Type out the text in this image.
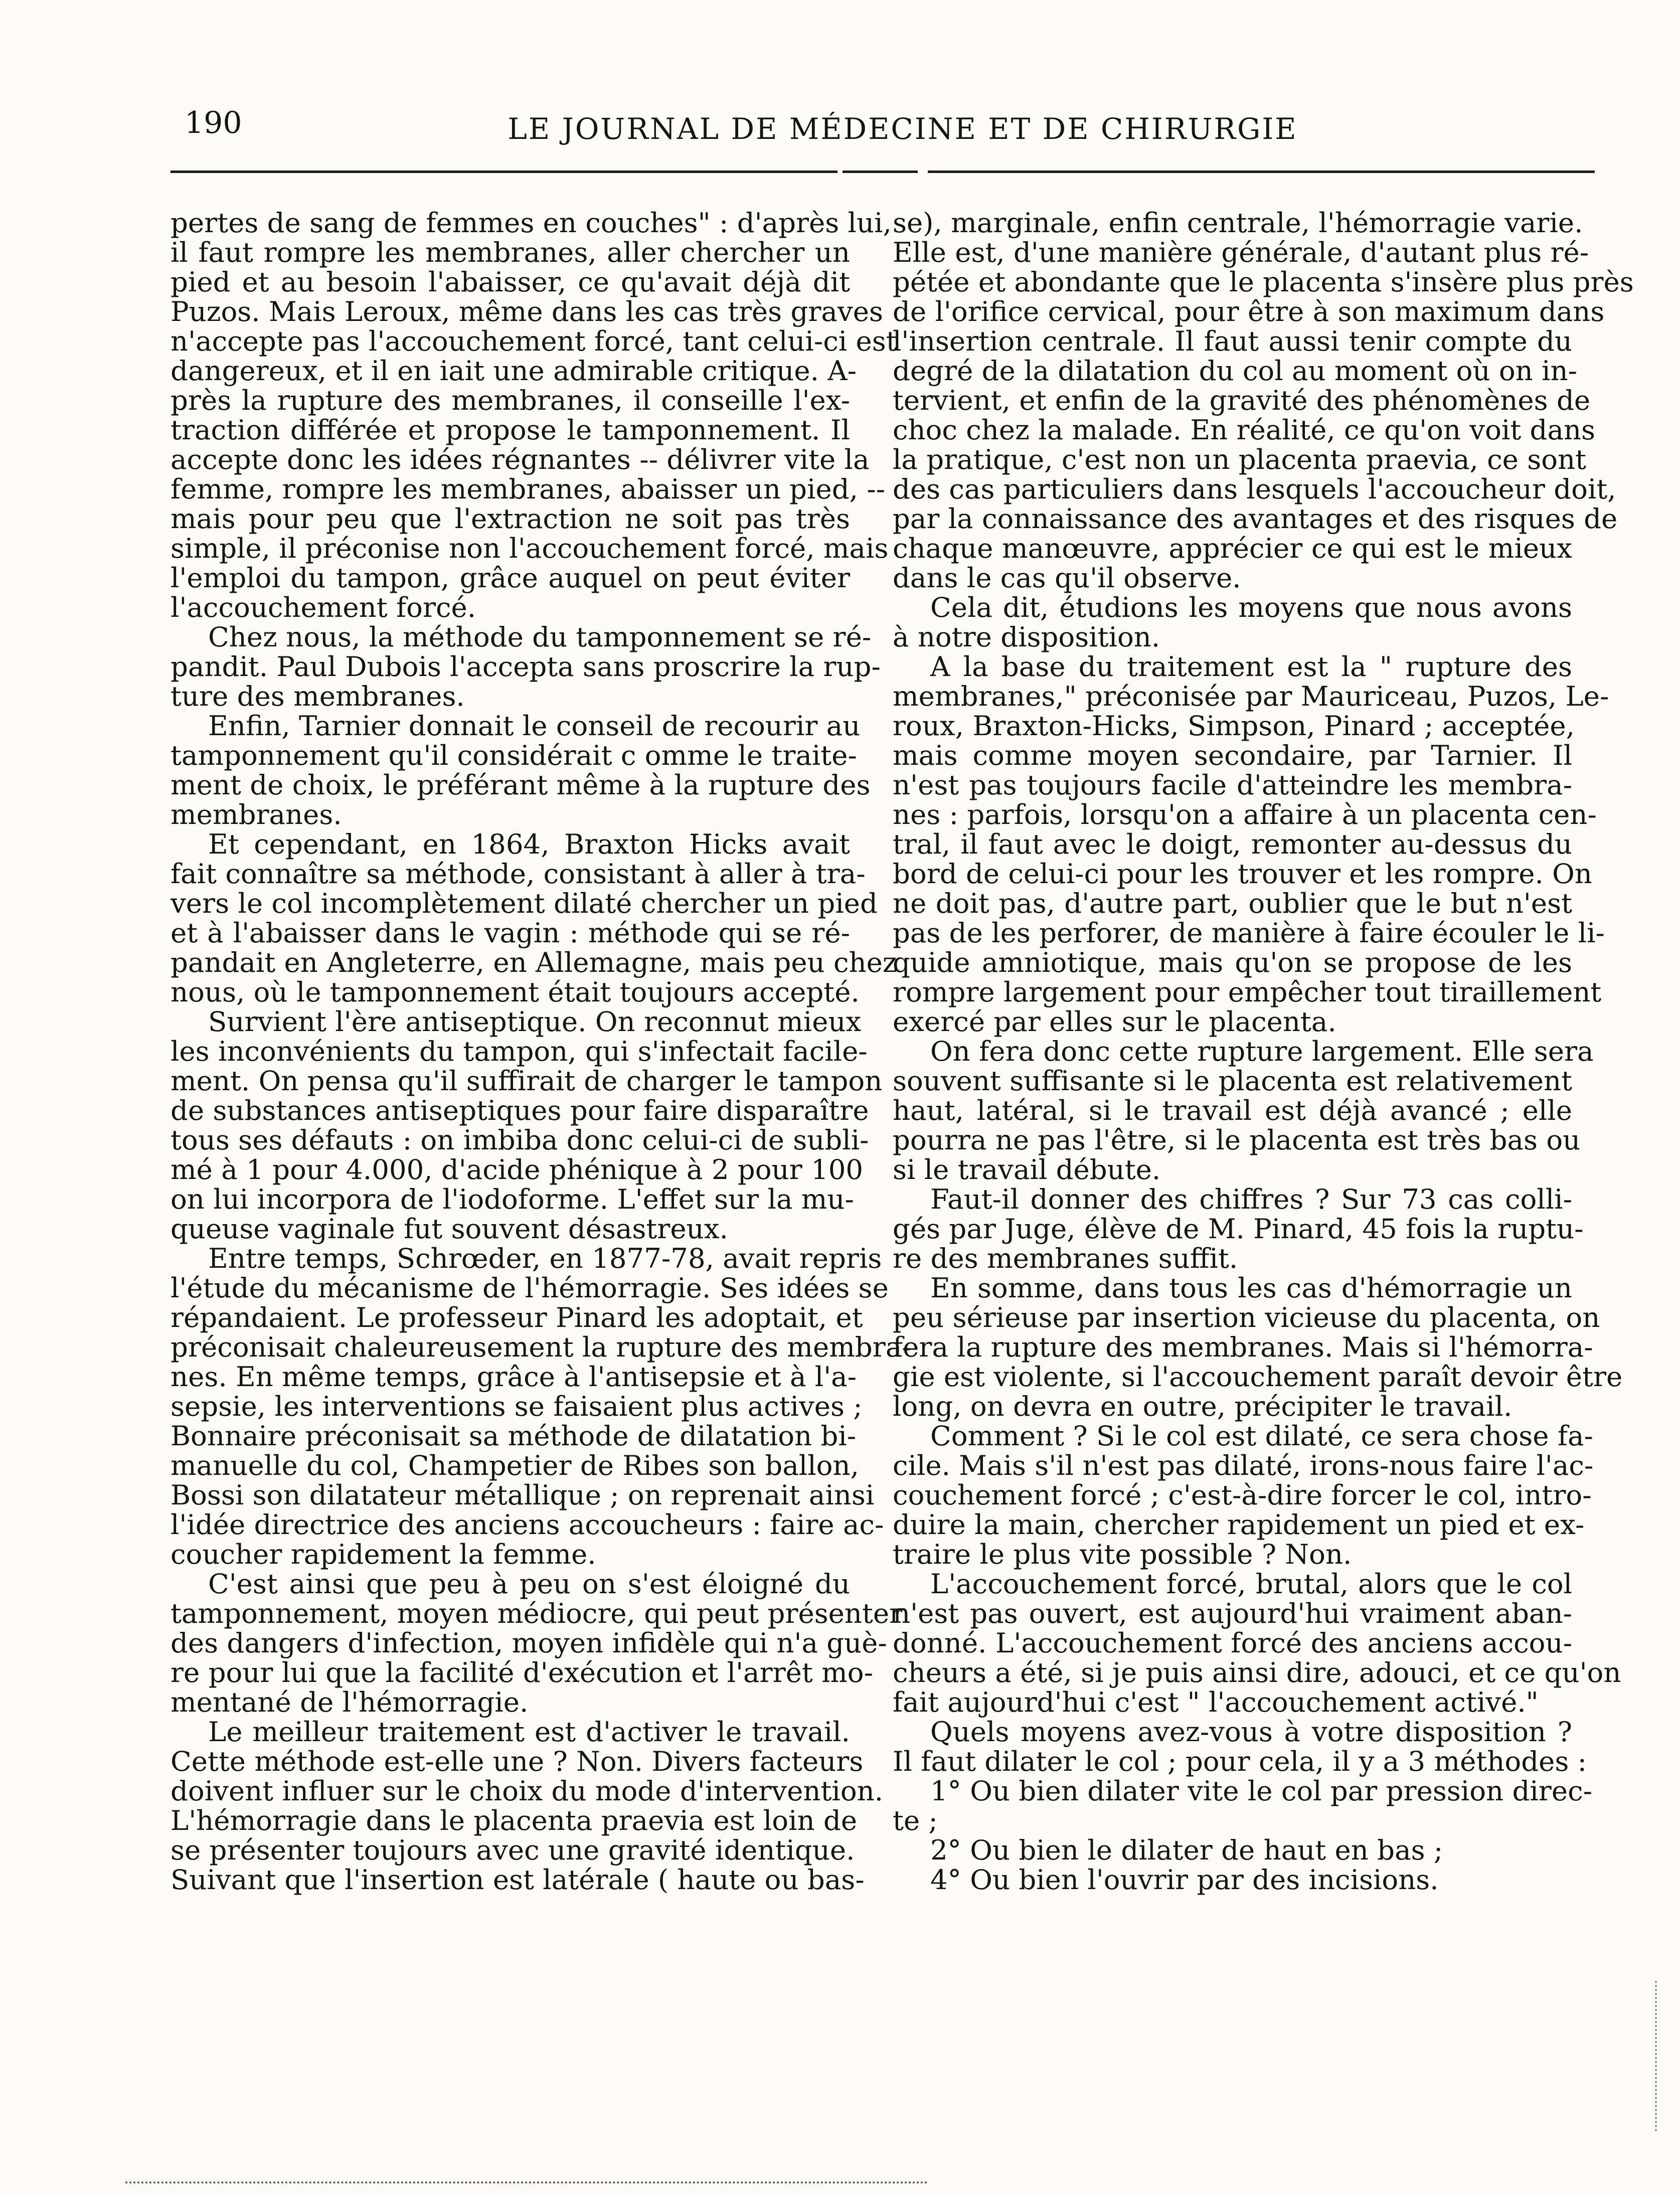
190	LE JOURNAL DE MÉDECINE ET DE CHIRURGIE
pertes de sang de femmes en couches" : d'après lui,
il faut rompre les membranes, aller chercher un
pied et au besoin l'abaisser, ce qu'avait déjà dit
Puzos. Mais Leroux, même dans les cas très graves
n'accepte pas l'accouchement forcé, tant celui-ci est
dangereux, et il en iait une admirable critique. A-
près la rupture des membranes, il conseille l'ex-
traction différée et propose le tamponnement. Il
accepte donc les idées régnantes -- délivrer vite la
femme, rompre les membranes, abaisser un pied, --
mais pour peu que l'extraction ne soit pas très
simple, il préconise non l'accouchement forcé, mais
l'emploi du tampon, grâce auquel on peut éviter
l'accouchement forcé.
Chez nous, la méthode du tamponnement se ré-
pandit. Paul Dubois l'accepta sans proscrire la rup-
ture des membranes.
Enfin, Tarnier donnait le conseil de recourir au
tamponnement qu'il considérait c omme le traite-
ment de choix, le préférant même à la rupture des
membranes.
Et cependant, en 1864, Braxton Hicks avait
fait connaître sa méthode, consistant à aller à tra-
vers le col incomplètement dilaté chercher un pied
et à l'abaisser dans le vagin : méthode qui se ré-
pandait en Angleterre, en Allemagne, mais peu chez
nous, où le tamponnement était toujours accepté.
Survient l'ère antiseptique. On reconnut mieux
les inconvénients du tampon, qui s'infectait facile-
ment. On pensa qu'il suffirait de charger le tampon
de substances antiseptiques pour faire disparaître
tous ses défauts : on imbiba donc celui-ci de subli-
mé à 1 pour 4.000, d'acide phénique à 2 pour 100
on lui incorpora de l'iodoforme. L'effet sur la mu-
queuse vaginale fut souvent désastreux.
Entre temps, Schrœder, en 1877-78, avait repris
l'étude du mécanisme de l'hémorragie. Ses idées se
répandaient. Le professeur Pinard les adoptait, et
préconisait chaleureusement la rupture des membra-
nes. En même temps, grâce à l'antisepsie et à l'a-
sepsie, les interventions se faisaient plus actives ;
Bonnaire préconisait sa méthode de dilatation bi-
manuelle du col, Champetier de Ribes son ballon,
Bossi son dilatateur métallique ; on reprenait ainsi
l'idée directrice des anciens accoucheurs : faire ac-
coucher rapidement la femme.
C'est ainsi que peu à peu on s'est éloigné du
tamponnement, moyen médiocre, qui peut présenter
des dangers d'infection, moyen infidèle qui n'a guè-
re pour lui que la facilité d'exécution et l'arrêt mo-
mentané de l'hémorragie.
Le meilleur traitement est d'activer le travail.
Cette méthode est-elle une ? Non. Divers facteurs
doivent influer sur le choix du mode d'intervention.
L'hémorragie dans le placenta praevia est loin de
se présenter toujours avec une gravité identique.
Suivant que l'insertion est latérale ( haute ou bas-
se), marginale, enfin centrale, l'hémorragie varie.
Elle est, d'une manière générale, d'autant plus ré-
pétée et abondante que le placenta s'insère plus près
de l'orifice cervical, pour être à son maximum dans
l'insertion centrale. Il faut aussi tenir compte du
degré de la dilatation du col au moment où on in-
tervient, et enfin de la gravité des phénomènes de
choc chez la malade. En réalité, ce qu'on voit dans
la pratique, c'est non un placenta praevia, ce sont
des cas particuliers dans lesquels l'accoucheur doit,
par la connaissance des avantages et des risques de
chaque manœuvre, apprécier ce qui est le mieux
dans le cas qu'il observe.
Cela dit, étudions les moyens que nous avons
à notre disposition.
A la base du traitement est la " rupture des
membranes," préconisée par Mauriceau, Puzos, Le-
roux, Braxton-Hicks, Simpson, Pinard ; acceptée,
mais comme moyen secondaire, par Tarnier. Il
n'est pas toujours facile d'atteindre les membra-
nes : parfois, lorsqu'on a affaire à un placenta cen-
tral, il faut avec le doigt, remonter au-dessus du
bord de celui-ci pour les trouver et les rompre. On
ne doit pas, d'autre part, oublier que le but n'est
pas de les perforer, de manière à faire écouler le li-
quide amniotique, mais qu'on se propose de les
rompre largement pour empêcher tout tiraillement
exercé par elles sur le placenta.
On fera donc cette rupture largement. Elle sera
souvent suffisante si le placenta est relativement
haut, latéral, si le travail est déjà avancé ; elle
pourra ne pas l'être, si le placenta est très bas ou
si le travail débute.
Faut-il donner des chiffres ? Sur 73 cas colli-
gés par Juge, élève de M. Pinard, 45 fois la ruptu-
re des membranes suffit.
En somme, dans tous les cas d'hémorragie un
peu sérieuse par insertion vicieuse du placenta, on
fera la rupture des membranes. Mais si l'hémorra-
gie est violente, si l'accouchement paraît devoir être
long, on devra en outre, précipiter le travail.
Comment ? Si le col est dilaté, ce sera chose fa-
cile. Mais s'il n'est pas dilaté, irons-nous faire l'ac-
couchement forcé ; c'est-à-dire forcer le col, intro-
duire la main, chercher rapidement un pied et ex-
traire le plus vite possible ? Non.
L'accouchement forcé, brutal, alors que le col
n'est pas ouvert, est aujourd'hui vraiment aban-
donné. L'accouchement forcé des anciens accou-
cheurs a été, si je puis ainsi dire, adouci, et ce qu'on
fait aujourd'hui c'est " l'accouchement activé."
Quels moyens avez-vous à votre disposition ?
Il faut dilater le col ; pour cela, il y a 3 méthodes :
1° Ou bien dilater vite le col par pression direc-
te ;
2° Ou bien le dilater de haut en bas ;
4° Ou bien l'ouvrir par des incisions.
